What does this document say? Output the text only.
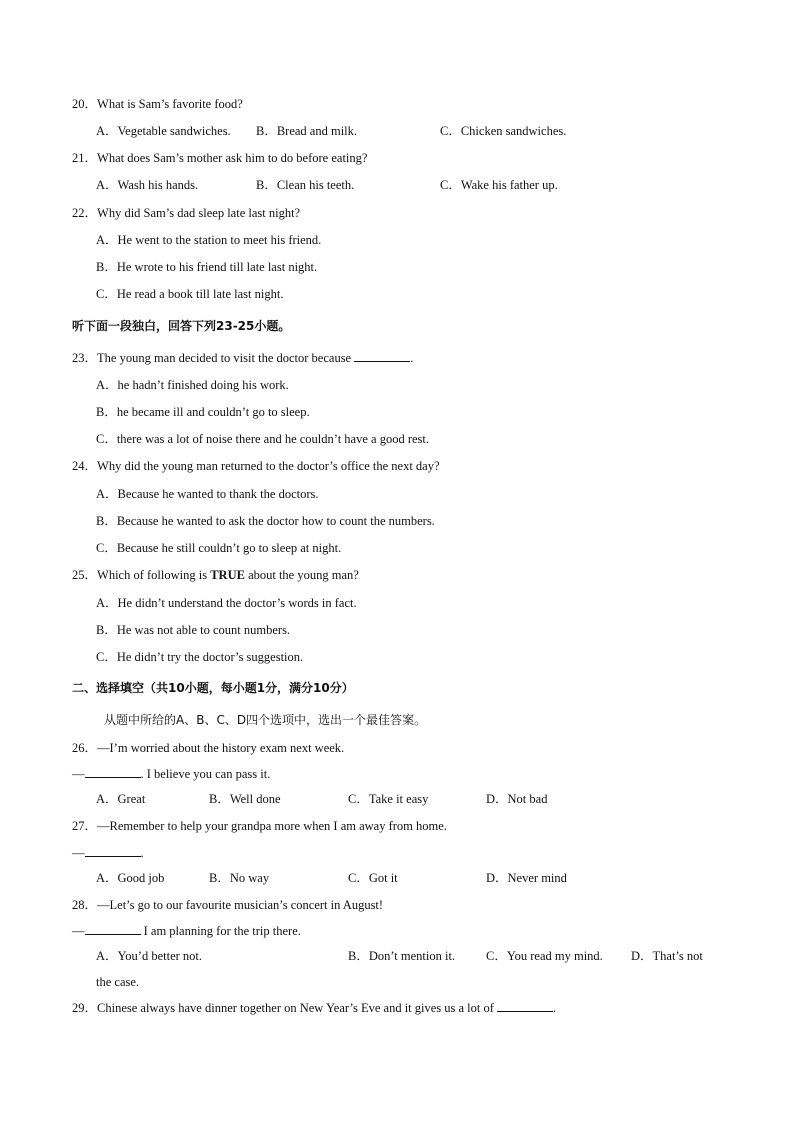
20．What is Sam’s favorite food?
A．Vegetable sandwiches. B．Bread and milk.	C．Chicken sandwiches.
21．What does Sam’s mother ask him to do before eating?
A．Wash his hands.	B．Clean his teeth.	C．Wake his father up.
22．Why did Sam’s dad sleep late last night?
A．He went to the station to meet his friend.
B．He wrote to his friend till late last night.
C．He read a book till late last night.
听下面一段独白，回答下列23-25小题。
23．The young man decided to visit the doctor because	.
A．he hadn’t finished doing his work.
B．he became ill and couldn’t go to sleep.
C．there was a lot of noise there and he couldn’t have a good rest.
24．Why did the young man returned to the doctor’s office the next day?
A．Because he wanted to thank the doctors.
B．Because he wanted to ask the doctor how to count the numbers.
C．Because he still couldn’t go to sleep at night.
25．Which of following is TRUE about the young man?
A．He didn’t understand the doctor’s words in fact.
B．He was not able to count numbers.
C．He didn’t try the doctor’s suggestion.
二、选择填空（共10小题，每小题1分，满分10分）
从题中所给的A、B、C、D四个选项中，选出一个最佳答案。
26．—I’m worried about the history exam next week.
—	. I believe you can pass it.
A．Great	B．Well done	C．Take it easy	D．Not bad
27．—Remember to help your grandpa more when I am away from home.
—	.
A．Good job	B．No way	C．Got it	D．Never mind
28．—Let’s go to our favourite musician’s concert in August!
—	I am planning for the trip there.
A．You’d better not.	B．Don’t mention it. C．You read my mind. D．That’s not
the case.
29．Chinese always have dinner together on New Year’s Eve and it gives us a lot of	.
